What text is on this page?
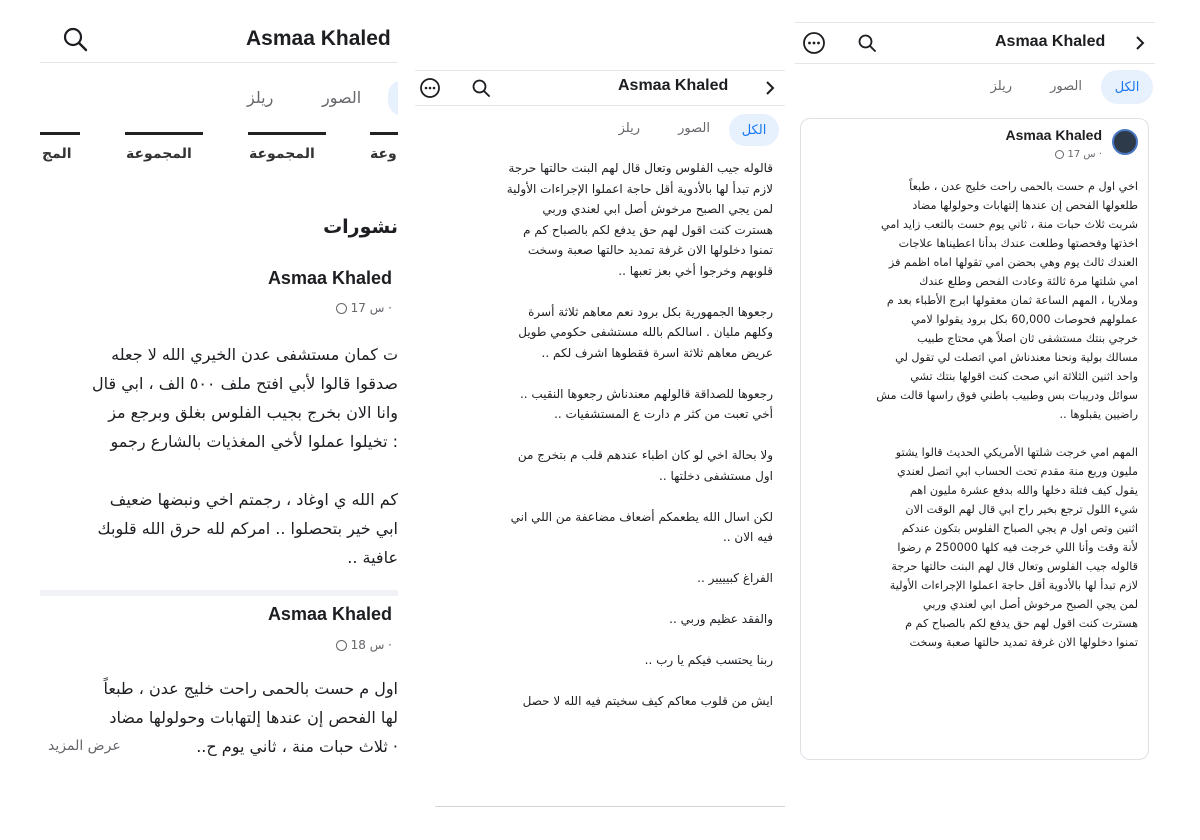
Asmaa Khaled
الصور
ريلز
المج	المجموعة	المجموعة	وعة
نشورات
Asmaa Khaled
17 س ·
ت كمان مستشفى عدن الخيري الله لا جعله
صدقوا قالوا لأبي افتح ملف ٥٠٠ الف ، ابي قال
وانا الان بخرج بجيب الفلوس بغلق وبرجع مز
: تخيلوا عملوا لأخي المغذيات بالشارع رجمو

كم الله ي اوغاد ، رجمتم اخي ونبضها ضعيف
ابي خير بتحصلوا .. امركم لله حرق الله قلوبك
عافية ..
Asmaa Khaled
18 س ·
اول م حست بالحمى راحت خليج عدن ، طبعاً
لها الفحص إن عندها إلتهابات وحولولها مضاد
· ثلاث حبات منة ، ثاني يوم ح..
عرض المزيد
Asmaa Khaled
الكل
الصور
ريلز
قالوله جيب الفلوس وتعال قال لهم البنت حالتها حرجة
لازم تبدأ لها بالأدوية أقل حاجة اعملوا الإجراءات الأولية
لمن يجي الصبح مرخوش أصل ابي لعندي وربي
هسترت كنت اقول لهم حق يدفع لكم بالصباح كم م
تمنوا دخلولها الان غرفة تمديد حالتها صعبة وسخت
قلوبهم وخرجوا أخي بعز تعبها ..

رجعوها الجمهورية بكل برود نعم معاهم ثلاثة أسرة
وكلهم مليان . اسالكم بالله مستشفى حكومي طويل
عريض معاهم ثلاثة اسرة فقطوها اشرف لكم ..

رجعوها للصداقة قالولهم معندناش رجعوها النقيب ..
أخي تعبت من كثر م دارت ع المستشفيات ..

ولا بحالة اخي لو كان اطباء عندهم قلب م بتخرج من
اول مستشفى دخلتها ..

لكن اسال الله يطعمكم أضعاف مضاعفة من اللي اني
فيه الان ..

الفراغ كبيييير ..

والفقد عظيم وربي ..

ربنا يحتسب فيكم يا رب ..

ايش من قلوب معاكم كيف سخيتم فيه الله لا حصل
Asmaa Khaled
الكل
الصور
ريلز
Asmaa Khaled
17 س ·
اخي اول م حست بالحمى راحت خليج عدن ، طبعاً
طلعولها الفحص إن عندها إلتهابات وحولولها مضاد
شربت ثلاث حبات منة ، ثاني يوم حست بالتعب زايد امي
اخذتها وفحصتها وطلعت عندك بدأنا اعطيناها علاجات
العندك ثالث يوم وهي بحضن امي تقولها اماه اظمم فز
امي شلتها مرة ثالثة وعادت الفحص وطلع عندك
وملاريا ، المهم الساعة ثمان معقولها ابرج الأطباء بعد م
عملولهم فحوصات 60,000 بكل برود يقولوا لامي
خرجي بنتك مستشفى ثان اصلاً هي محتاج طبيب
مسالك بولية ونحنا معندناش امي اتصلت لي تقول لي
واحد اثنين الثلاثة اني صحت كنت اقولها بنتك تشي
سوائل ودريبات بس وطبيب باطني فوق راسها قالت مش
راضيين يقبلوها ..

المهم امي خرجت شلتها الأمريكي الحديث قالوا يشتو
مليون وربع منة مقدم تحت الحساب ابي اتصل لعندي
يقول كيف فتلة دخلها والله بدفع عشرة مليون اهم
شيء اللول ترجع بخير راح ابي قال لهم الوقت الان
اثنين وتص اول م يجي الصباح الفلوس بتكون عندكم
لأنة وقت وأنا اللي خرجت فيه كلها 250000 م رضوا
قالوله جيب الفلوس وتعال قال لهم البنت حالتها حرجة
لازم تبدأ لها بالأدوية أقل حاجة اعملوا الإجراءات الأولية
لمن يجي الصبح مرخوش أصل ابي لعندي وربي
هسترت كنت اقول لهم حق يدفع لكم بالصباح كم م
تمنوا دخلولها الان غرفة تمديد حالتها صعبة وسخت
